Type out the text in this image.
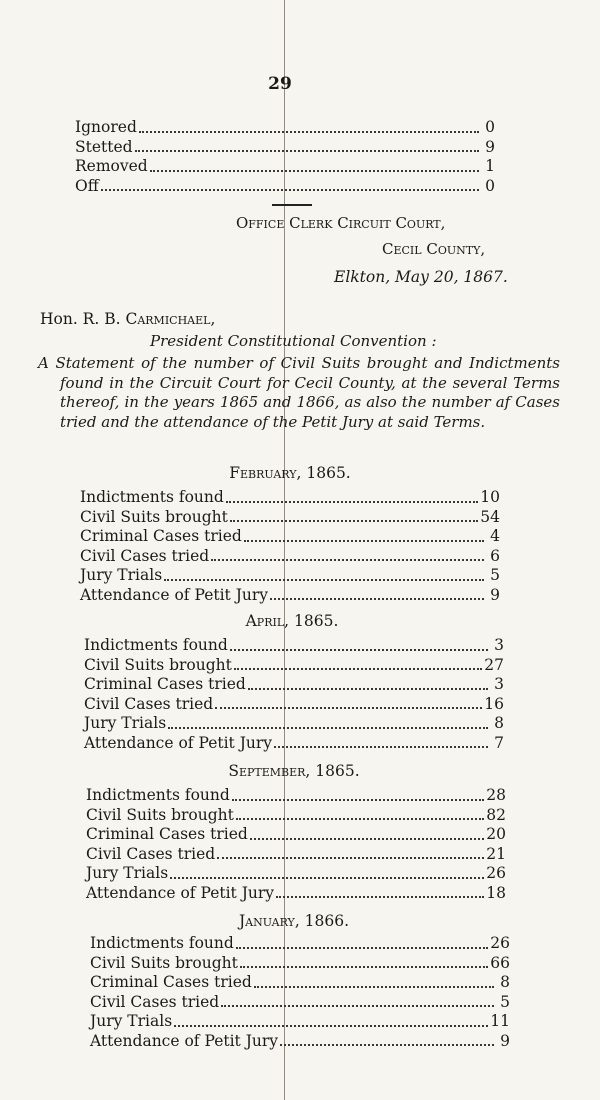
29
Ignored	0
Stetted	9
Removed	1
Off	0
Office Clerk Circuit Court,
Cecil County,
Elkton, May 20, 1867.
Hon. R. B. Carmichael,
President Constitutional Convention :
A Statement of the number of Civil Suits brought and Indictments found in the Circuit Court for Cecil County, at the several Terms thereof, in the years 1865 and 1866, as also the number af Cases tried and the attendance of the Petit Jury at said Terms.
February, 1865.
Indictments found	10
Civil Suits brought	54
Criminal Cases tried	4
Civil Cases tried	6
Jury Trials	5
Attendance of Petit Jury	9
April, 1865.
Indictments found	3
Civil Suits brought	27
Criminal Cases tried	3
Civil Cases tried	16
Jury Trials	8
Attendance of Petit Jury	7
September, 1865.
Indictments found	28
Civil Suits brought	82
Criminal Cases tried	20
Civil Cases tried	21
Jury Trials	26
Attendance of Petit Jury	18
January, 1866.
Indictments found	26
Civil Suits brought	66
Criminal Cases tried	8
Civil Cases tried	5
Jury Trials	11
Attendance of Petit Jury	9
